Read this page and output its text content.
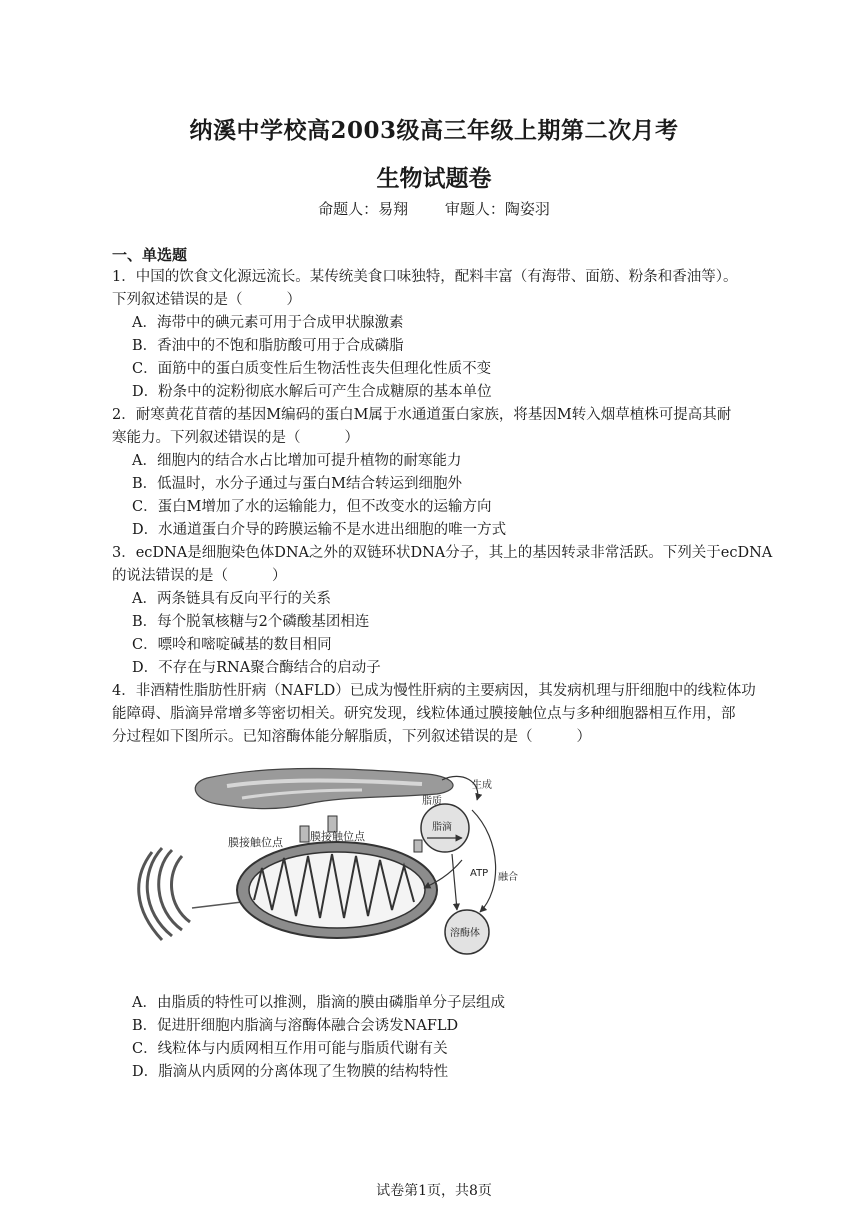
纳溪中学校高2003级高三年级上期第二次月考
生物试题卷
命题人：易翔 审题人：陶姿羽
一、单选题
1．中国的饮食文化源远流长。某传统美食口味独特，配料丰富（有海带、面筋、粉条和香油等）。
下列叙述错误的是（	）
A．海带中的碘元素可用于合成甲状腺激素
B．香油中的不饱和脂肪酸可用于合成磷脂
C．面筋中的蛋白质变性后生物活性丧失但理化性质不变
D．粉条中的淀粉彻底水解后可产生合成糖原的基本单位
2．耐寒黄花苜蓿的基因M编码的蛋白M属于水通道蛋白家族，将基因M转入烟草植株可提高其耐
寒能力。下列叙述错误的是（	）
A．细胞内的结合水占比增加可提升植物的耐寒能力
B．低温时，水分子通过与蛋白M结合转运到细胞外
C．蛋白M增加了水的运输能力，但不改变水的运输方向
D．水通道蛋白介导的跨膜运输不是水进出细胞的唯一方式
3．ecDNA是细胞染色体DNA之外的双链环状DNA分子，其上的基因转录非常活跃。下列关于ecDNA
的说法错误的是（	）
A．两条链具有反向平行的关系
B．每个脱氧核糖与2个磷酸基团相连
C．嘌呤和嘧啶碱基的数目相同
D．不存在与RNA聚合酶结合的启动子
4．非酒精性脂肪性肝病（NAFLD）已成为慢性肝病的主要病因，其发病机理与肝细胞中的线粒体功
能障碍、脂滴异常增多等密切相关。研究发现，线粒体通过膜接触位点与多种细胞器相互作用，部
分过程如下图所示。已知溶酶体能分解脂质，下列叙述错误的是（	）
膜接触位点 膜接触位点
脂质
生成
脂滴
ATP 融合
溶酶体
A．由脂质的特性可以推测，脂滴的膜由磷脂单分子层组成
B．促进肝细胞内脂滴与溶酶体融合会诱发NAFLD
C．线粒体与内质网相互作用可能与脂质代谢有关
D．脂滴从内质网的分离体现了生物膜的结构特性
试卷第1页，共8页
